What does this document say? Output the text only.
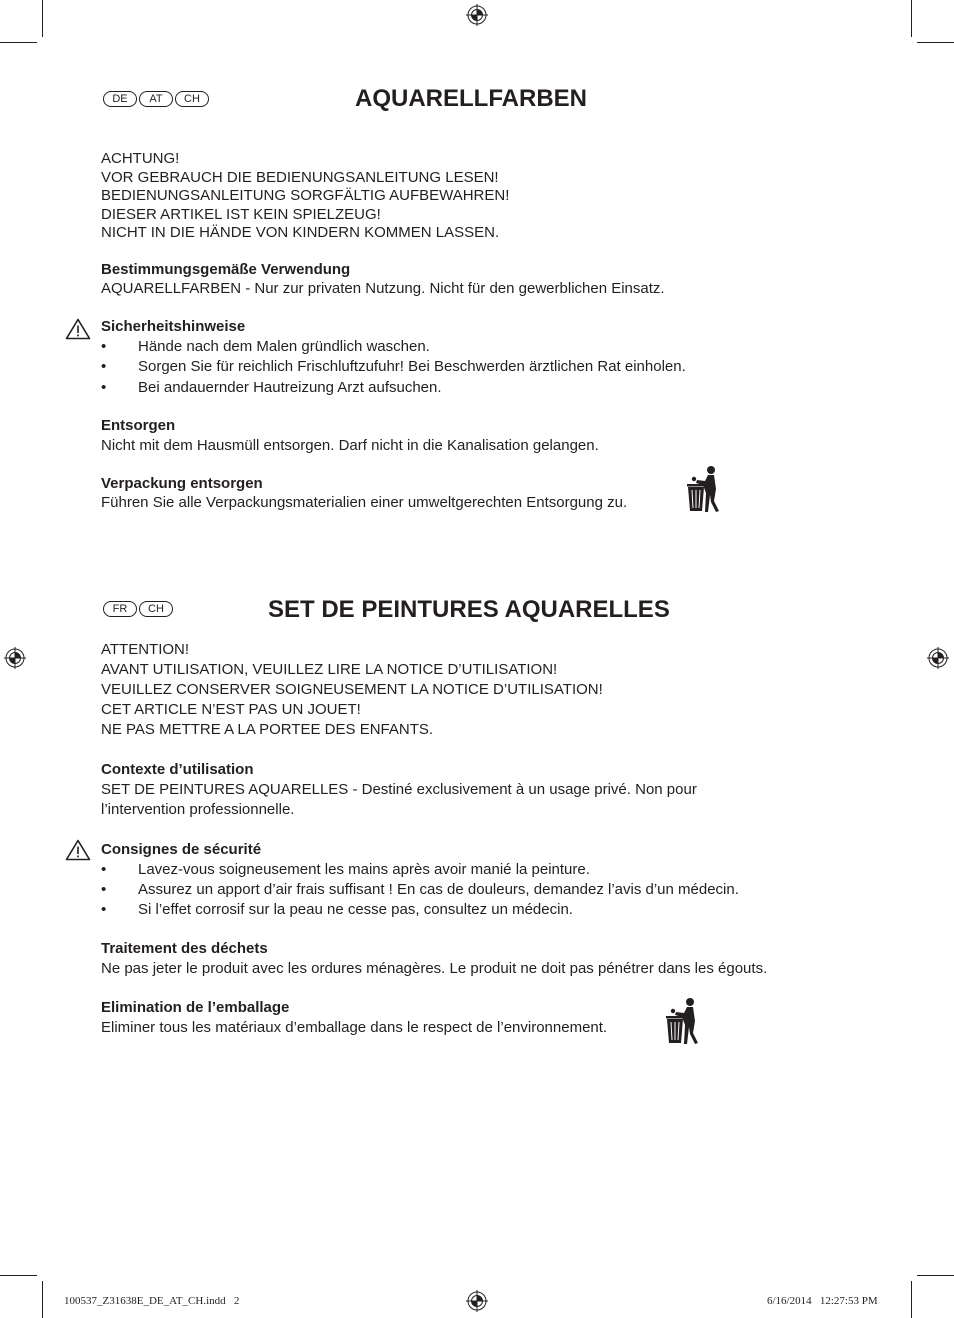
DE	AT	CH	AQUARELLFARBEN
ACHTUNG!
VOR GEBRAUCH DIE BEDIENUNGSANLEITUNG LESEN!
BEDIENUNGSANLEITUNG SORGFÄLTIG AUFBEWAHREN!
DIESER ARTIKEL IST KEIN SPIELZEUG!
NICHT IN DIE HÄNDE VON KINDERN KOMMEN LASSEN.
Bestimmungsgemäße Verwendung
AQUARELLFARBEN - Nur zur privaten Nutzung. Nicht für den gewerblichen Einsatz.
Sicherheitshinweise
• Hände nach dem Malen gründlich waschen.
• Sorgen Sie für reichlich Frischluftzufuhr! Bei Beschwerden ärztlichen Rat einholen.
• Bei andauernder Hautreizung Arzt aufsuchen.
Entsorgen
Nicht mit dem Hausmüll entsorgen. Darf nicht in die Kanalisation gelangen.
Verpackung entsorgen
Führen Sie alle Verpackungsmaterialien einer umweltgerechten Entsorgung zu.
FR	CH	SET DE PEINTURES AQUARELLES
ATTENTION!
AVANT UTILISATION, VEUILLEZ LIRE LA NOTICE D’UTILISATION!
VEUILLEZ CONSERVER SOIGNEUSEMENT LA NOTICE D’UTILISATION!
CET ARTICLE N’EST PAS UN JOUET!
NE PAS METTRE A LA PORTEE DES ENFANTS.
Contexte d’utilisation
SET DE PEINTURES AQUARELLES - Destiné exclusivement à un usage privé. Non pour
l’intervention professionnelle.
Consignes de sécurité
• Lavez-vous soigneusement les mains après avoir manié la peinture.
• Assurez un apport d’air frais suffisant ! En cas de douleurs, demandez l’avis d’un médecin.
• Si l’effet corrosif sur la peau ne cesse pas, consultez un médecin.
Traitement des déchets
Ne pas jeter le produit avec les ordures ménagères. Le produit ne doit pas pénétrer dans les égouts.
Elimination de l’emballage
Eliminer tous les matériaux d’emballage dans le respect de l’environnement.
100537_Z31638E_DE_AT_CH.indd   2	6/16/2014   12:27:53 PM
